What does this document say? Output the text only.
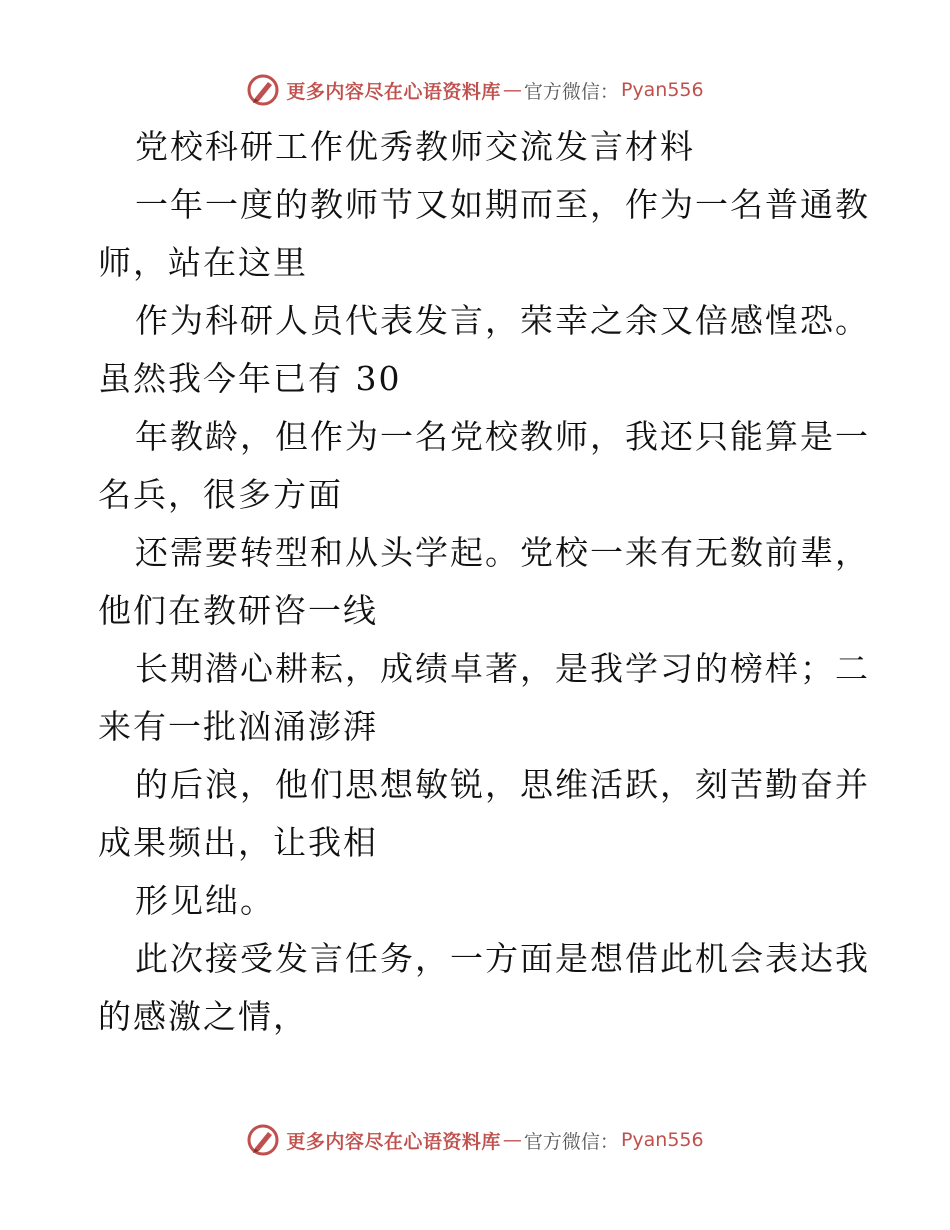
更多内容尽在心语资料库 — 官方微信： Pyan556
党校科研工作优秀教师交流发言材料
一年一度的教师节又如期而至，作为一名普通教
师，站在这里
作为科研人员代表发言，荣幸之余又倍感惶恐。
虽然我今年已有 30
年教龄，但作为一名党校教师，我还只能算是一
名兵，很多方面
还需要转型和从头学起。党校一来有无数前辈，
他们在教研咨一线
长期潜心耕耘，成绩卓著，是我学习的榜样；二
来有一批汹涌澎湃
的后浪，他们思想敏锐，思维活跃，刻苦勤奋并
成果频出，让我相
形见绌。
此次接受发言任务，一方面是想借此机会表达我
的感激之情，
更多内容尽在心语资料库 — 官方微信： Pyan556
